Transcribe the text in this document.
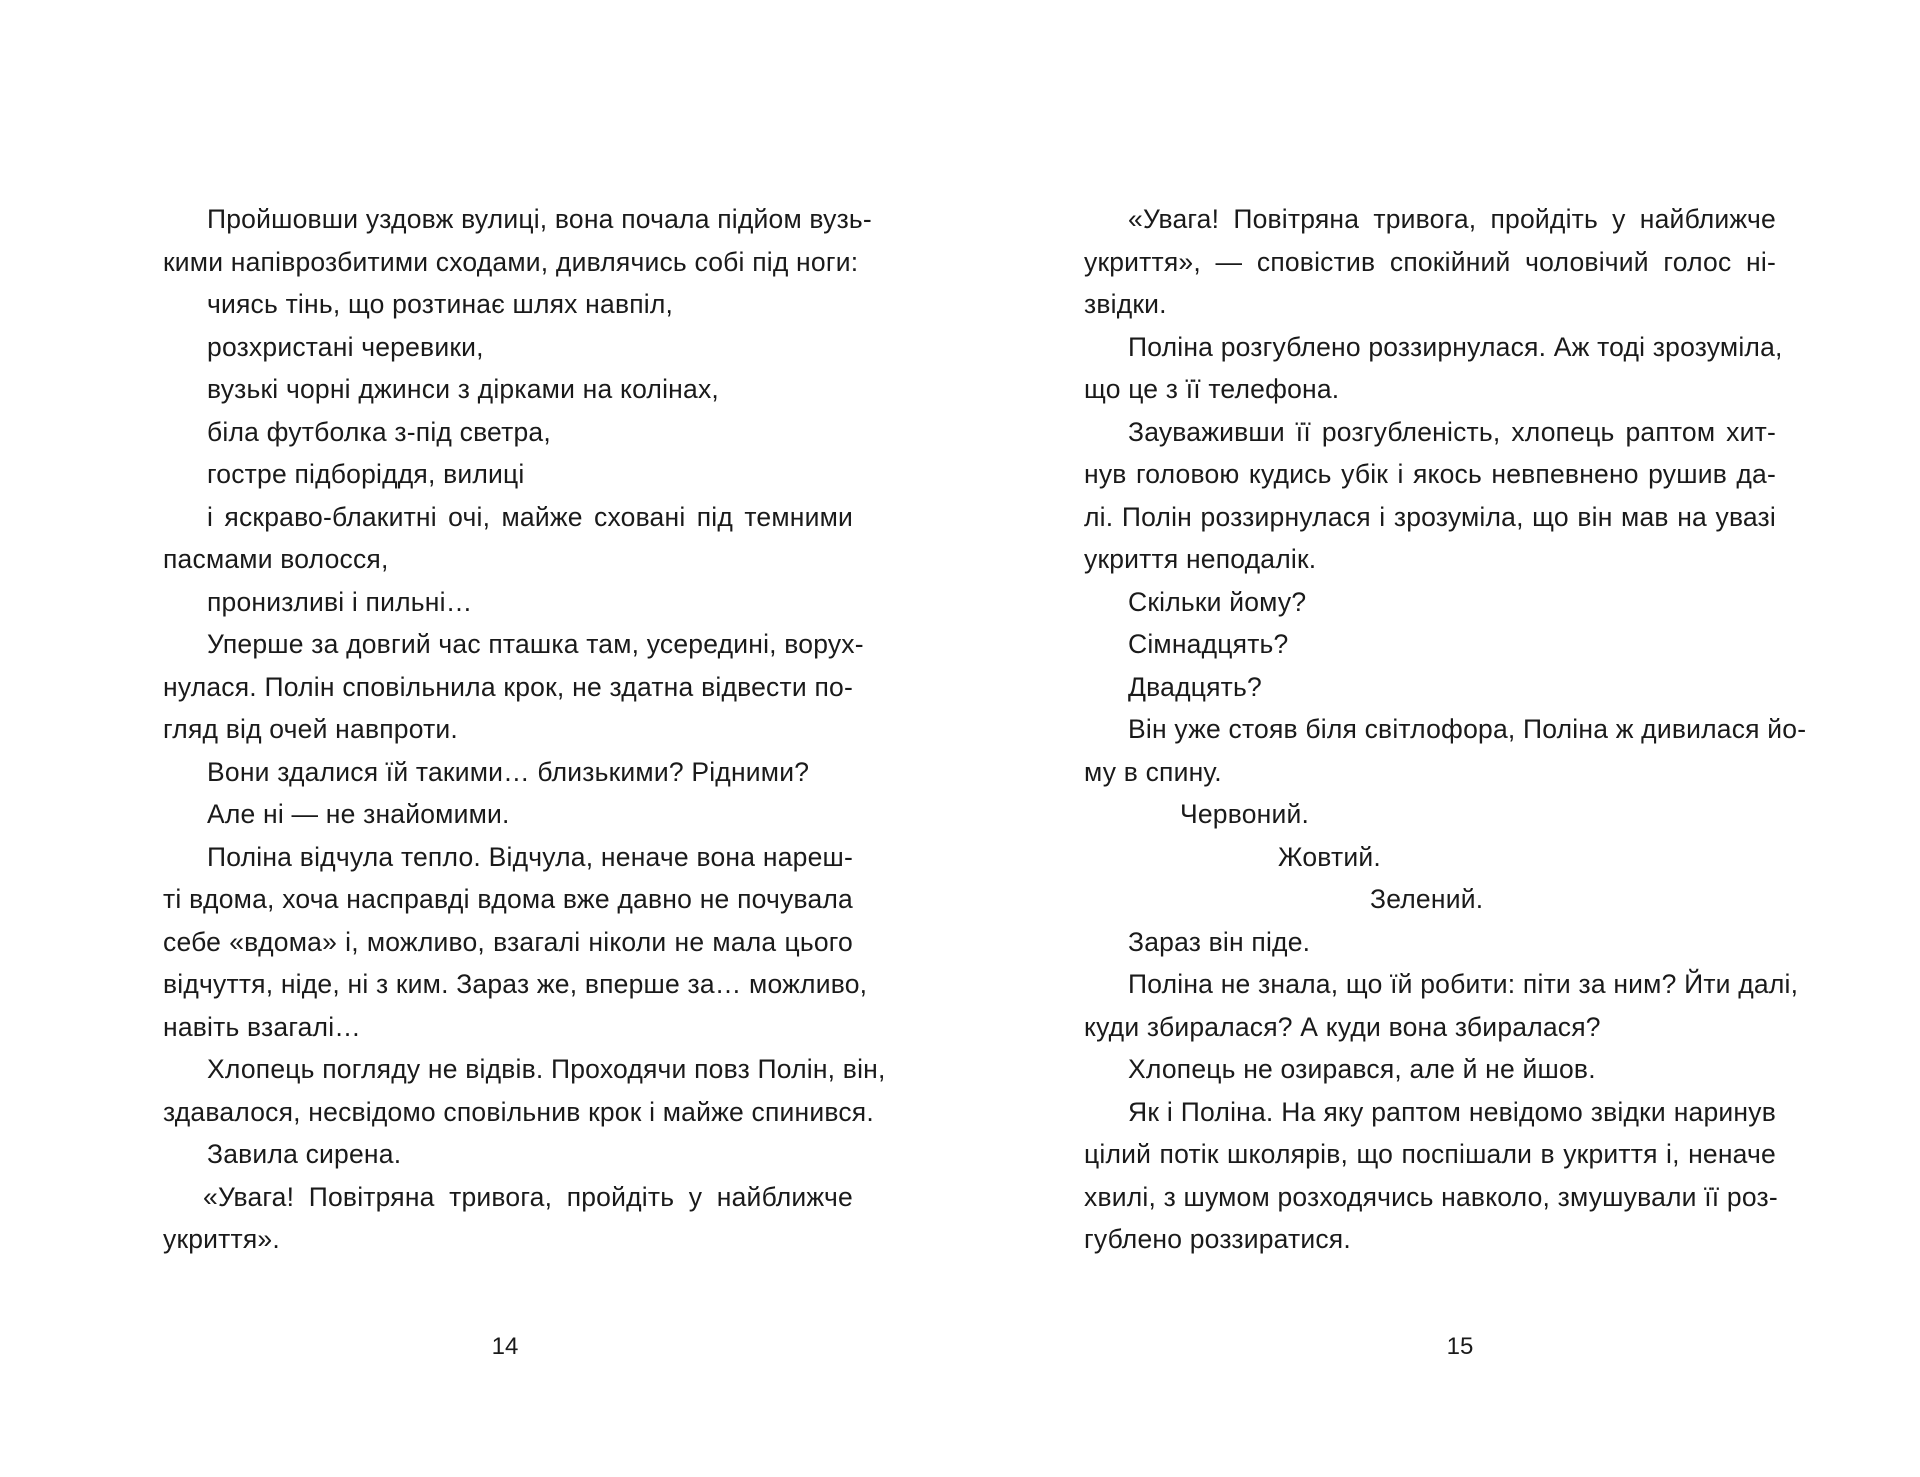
Пройшовши уздовж вулиці, вона почала підйом вузь-
кими напіврозбитими сходами, дивлячись собі під ноги:
чиясь тінь, що розтинає шлях навпіл,
розхристані черевики,
вузькі чорні джинси з дірками на колінах,
біла футболка з-під светра,
гостре підборіддя, вилиці
і яскраво-блакитні очі, майже сховані під темними
пасмами волосся,
пронизливі і пильні…
Уперше за довгий час пташка там, усередині, ворух-
нулася. Полін сповільнила крок, не здатна відвести по-
гляд від очей навпроти.
Вони здалися їй такими… близькими? Рідними?
Але ні — не знайомими.
Поліна відчула тепло. Відчула, неначе вона нареш-
ті вдома, хоча насправді вдома вже давно не почувала
себе «вдома» і, можливо, взагалі ніколи не мала цього
відчуття, ніде, ні з ким. Зараз же, вперше за… можливо,
навіть взагалі…
Хлопець погляду не відвів. Проходячи повз Полін, він,
здавалося, несвідомо сповільнив крок і майже спинився.
Завила сирена.
«Увага! Повітряна тривога, пройдіть у найближче
укриття».
14
«Увага! Повітряна тривога, пройдіть у найближче
укриття», — сповістив спокійний чоловічий голос ні-
звідки.
Поліна розгублено роззирнулася. Аж тоді зрозуміла,
що це з її телефона.
Зауваживши її розгубленість, хлопець раптом хит-
нув головою кудись убік і якось невпевнено рушив да-
лі. Полін роззирнулася і зрозуміла, що він мав на увазі
укриття неподалік.
Скільки йому?
Сімнадцять?
Двадцять?
Він уже стояв біля світлофора, Поліна ж дивилася йо-
му в спину.
Червоний.
Жовтий.
Зелений.
Зараз він піде.
Поліна не знала, що їй робити: піти за ним? Йти далі,
куди збиралася? А куди вона збиралася?
Хлопець не озирався, але й не йшов.
Як і Поліна. На яку раптом невідомо звідки наринув
цілий потік школярів, що поспішали в укриття і, неначе
хвилі, з шумом розходячись навколо, змушували її роз-
гублено роззиратися.
15
